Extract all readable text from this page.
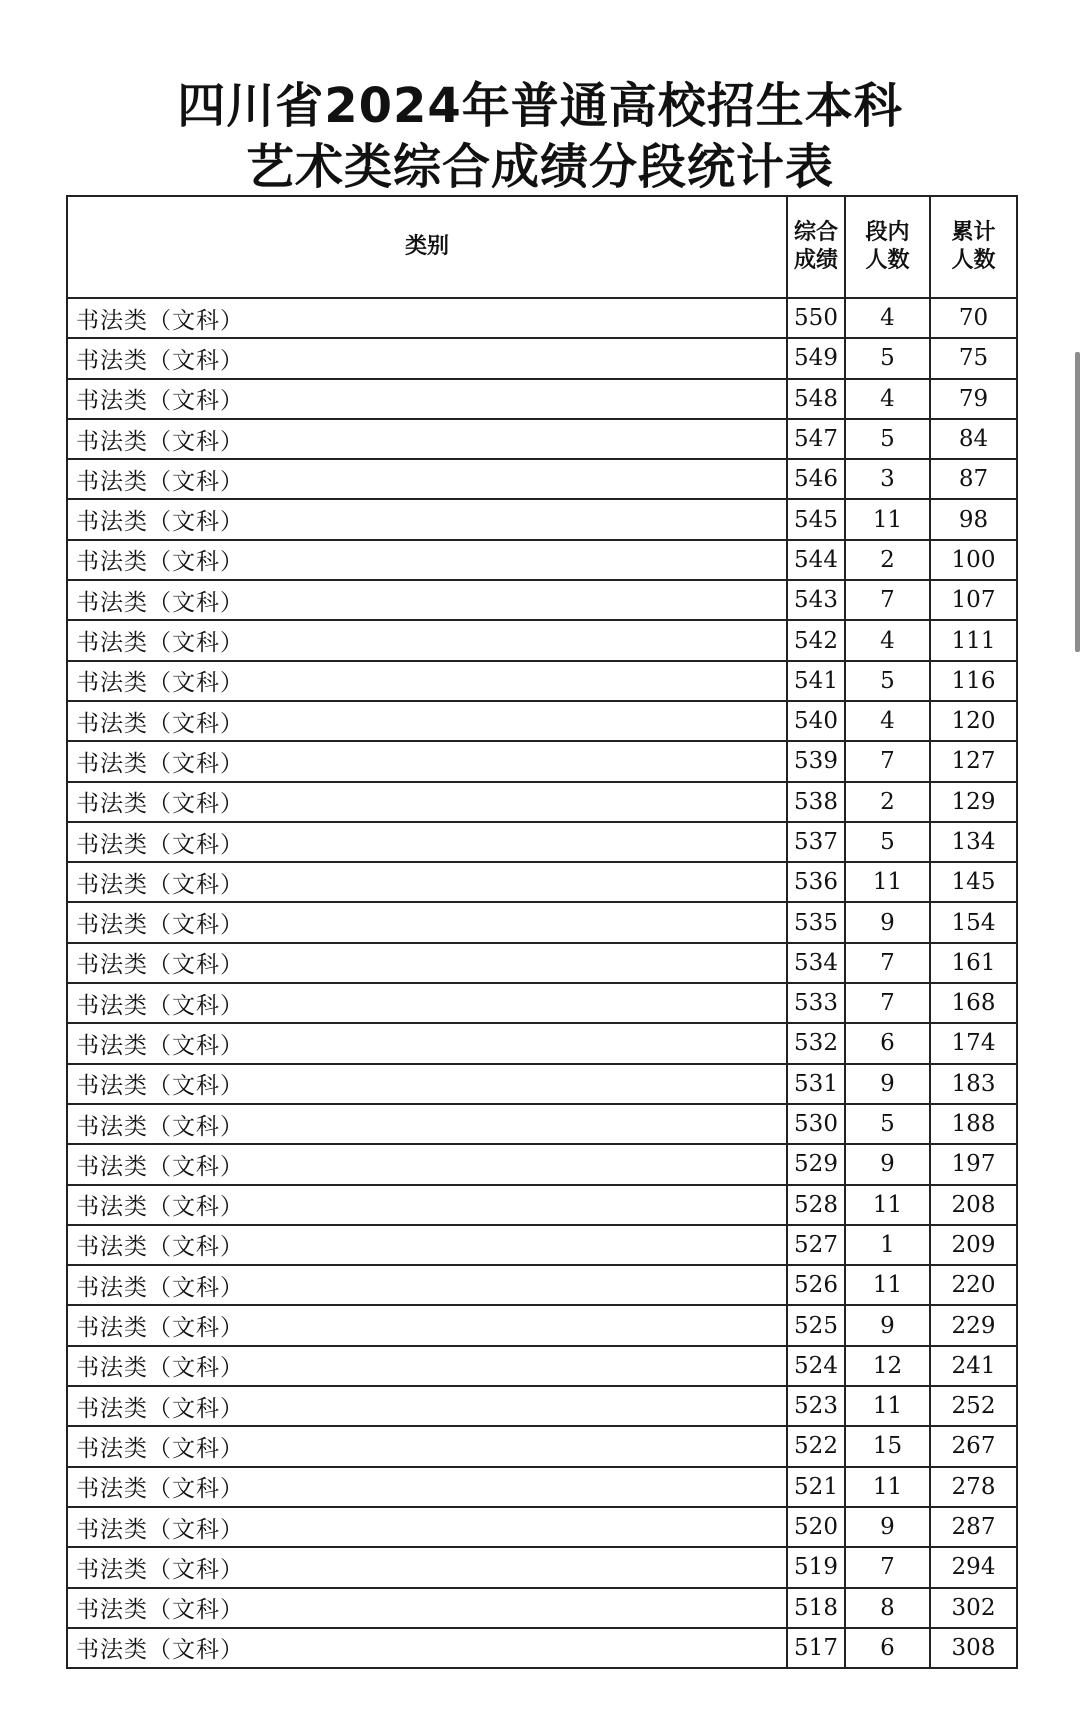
四川省2024年普通高校招生本科
艺术类综合成绩分段统计表
类别	综合成绩	段内人数	累计人数
书法类（文科）	550	4	70
书法类（文科）	549	5	75
书法类（文科）	548	4	79
书法类（文科）	547	5	84
书法类（文科）	546	3	87
书法类（文科）	545	11	98
书法类（文科）	544	2	100
书法类（文科）	543	7	107
书法类（文科）	542	4	111
书法类（文科）	541	5	116
书法类（文科）	540	4	120
书法类（文科）	539	7	127
书法类（文科）	538	2	129
书法类（文科）	537	5	134
书法类（文科）	536	11	145
书法类（文科）	535	9	154
书法类（文科）	534	7	161
书法类（文科）	533	7	168
书法类（文科）	532	6	174
书法类（文科）	531	9	183
书法类（文科）	530	5	188
书法类（文科）	529	9	197
书法类（文科）	528	11	208
书法类（文科）	527	1	209
书法类（文科）	526	11	220
书法类（文科）	525	9	229
书法类（文科）	524	12	241
书法类（文科）	523	11	252
书法类（文科）	522	15	267
书法类（文科）	521	11	278
书法类（文科）	520	9	287
书法类（文科）	519	7	294
书法类（文科）	518	8	302
书法类（文科）	517	6	308
